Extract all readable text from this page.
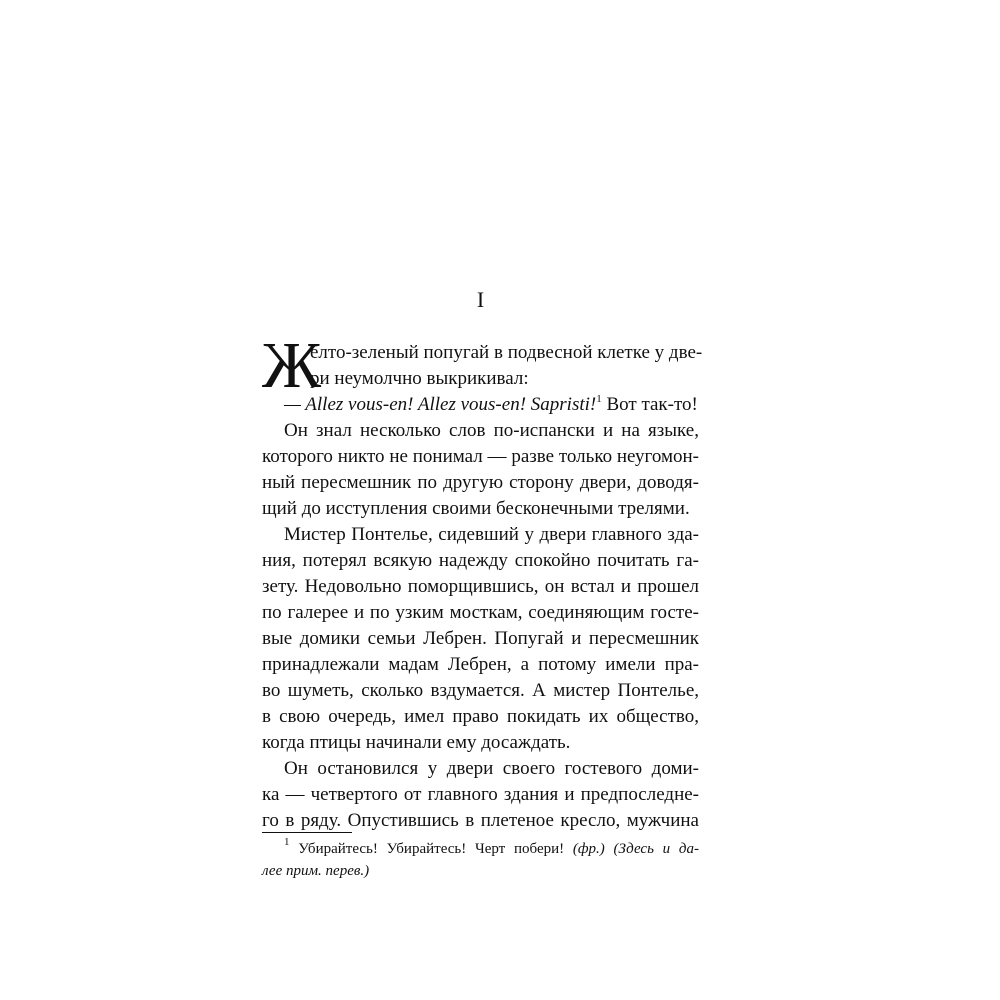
I
Ж
елто-зеленый попугай в подвесной клетке у две-
ри неумолчно выкрикивал:
— Allez vous-en! Allez vous-en! Sapristi!$^1$ Вот так-то!
Он знал несколько слов по-испански и на языке,
которого никто не понимал — разве только неугомон-
ный пересмешник по другую сторону двери, доводя-
щий до исступления своими бесконечными трелями.
Мистер Понтелье, сидевший у двери главного зда-
ния, потерял всякую надежду спокойно почитать га-
зету. Недовольно поморщившись, он встал и прошел
по галерее и по узким мосткам, соединяющим госте-
вые домики семьи Лебрен. Попугай и пересмешник
принадлежали мадам Лебрен, а потому имели пра-
во шуметь, сколько вздумается. А мистер Понтелье,
в свою очередь, имел право покидать их общество,
когда птицы начинали ему досаждать.
Он остановился у двери своего гостевого доми-
ка — четвертого от главного здания и предпоследне-
го в ряду. Опустившись в плетеное кресло, мужчина
$^1$ Убирайтесь! Убирайтесь! Черт побери! (фр.) (Здесь и да-
лее прим. перев.)
